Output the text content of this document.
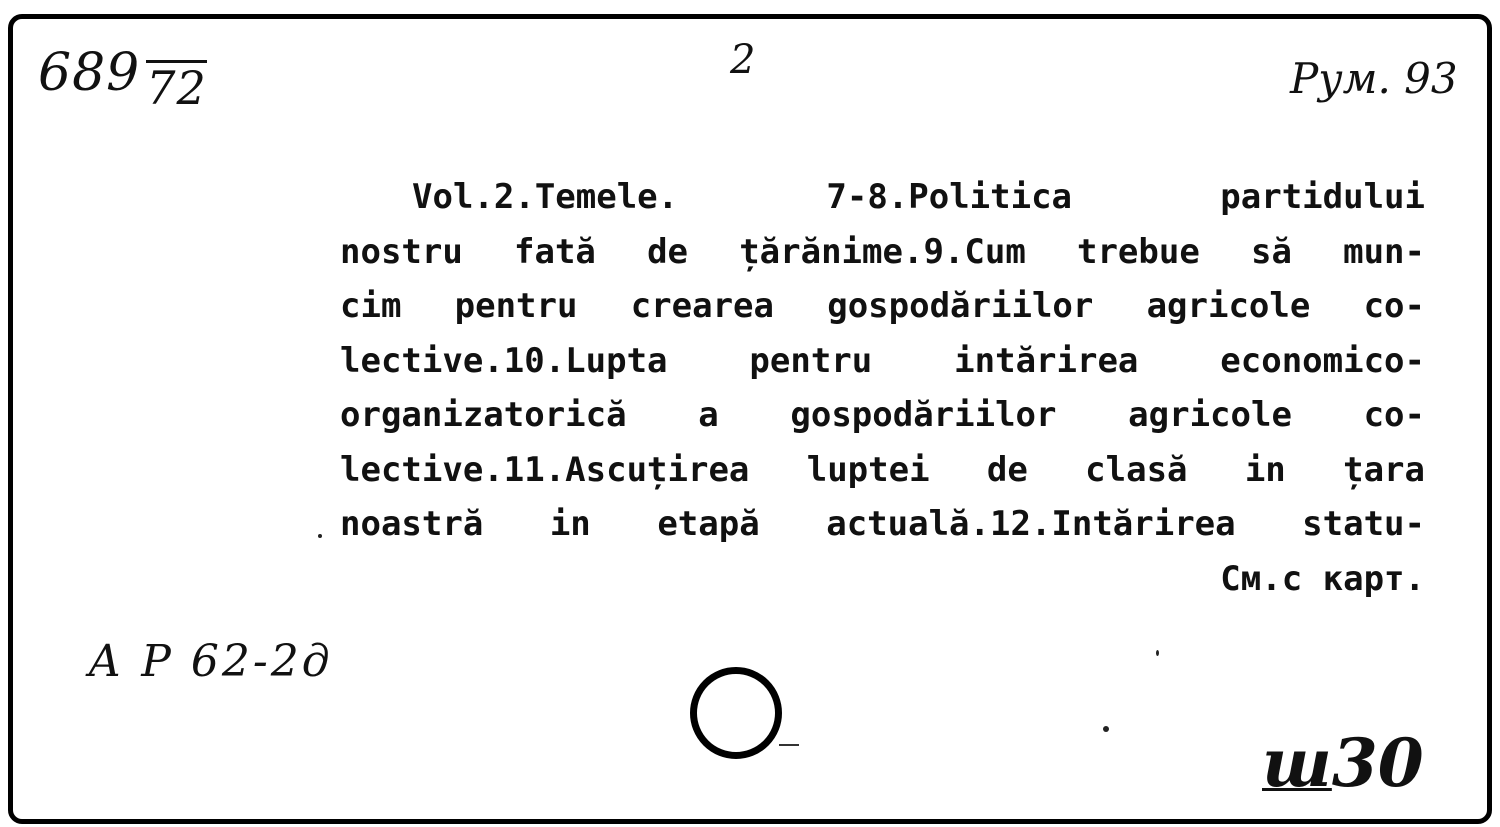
689 72
2	Рум. 93
Vol.2.Temele. 7-8.Politica partidului
nostru fată de țărănime.9.Cum trebue să mun-
cim pentru crearea gospodăriilor agricole co-
lective.10.Lupta pentru intărirea economico-
organizatorică a gospodăriilor agricole co-
lective.11.Ascuțirea luptei de clasă in țara
noastră in etapă actuală.12.Intărirea statu-
См.с карт.
А Р 62-2д
ш30
